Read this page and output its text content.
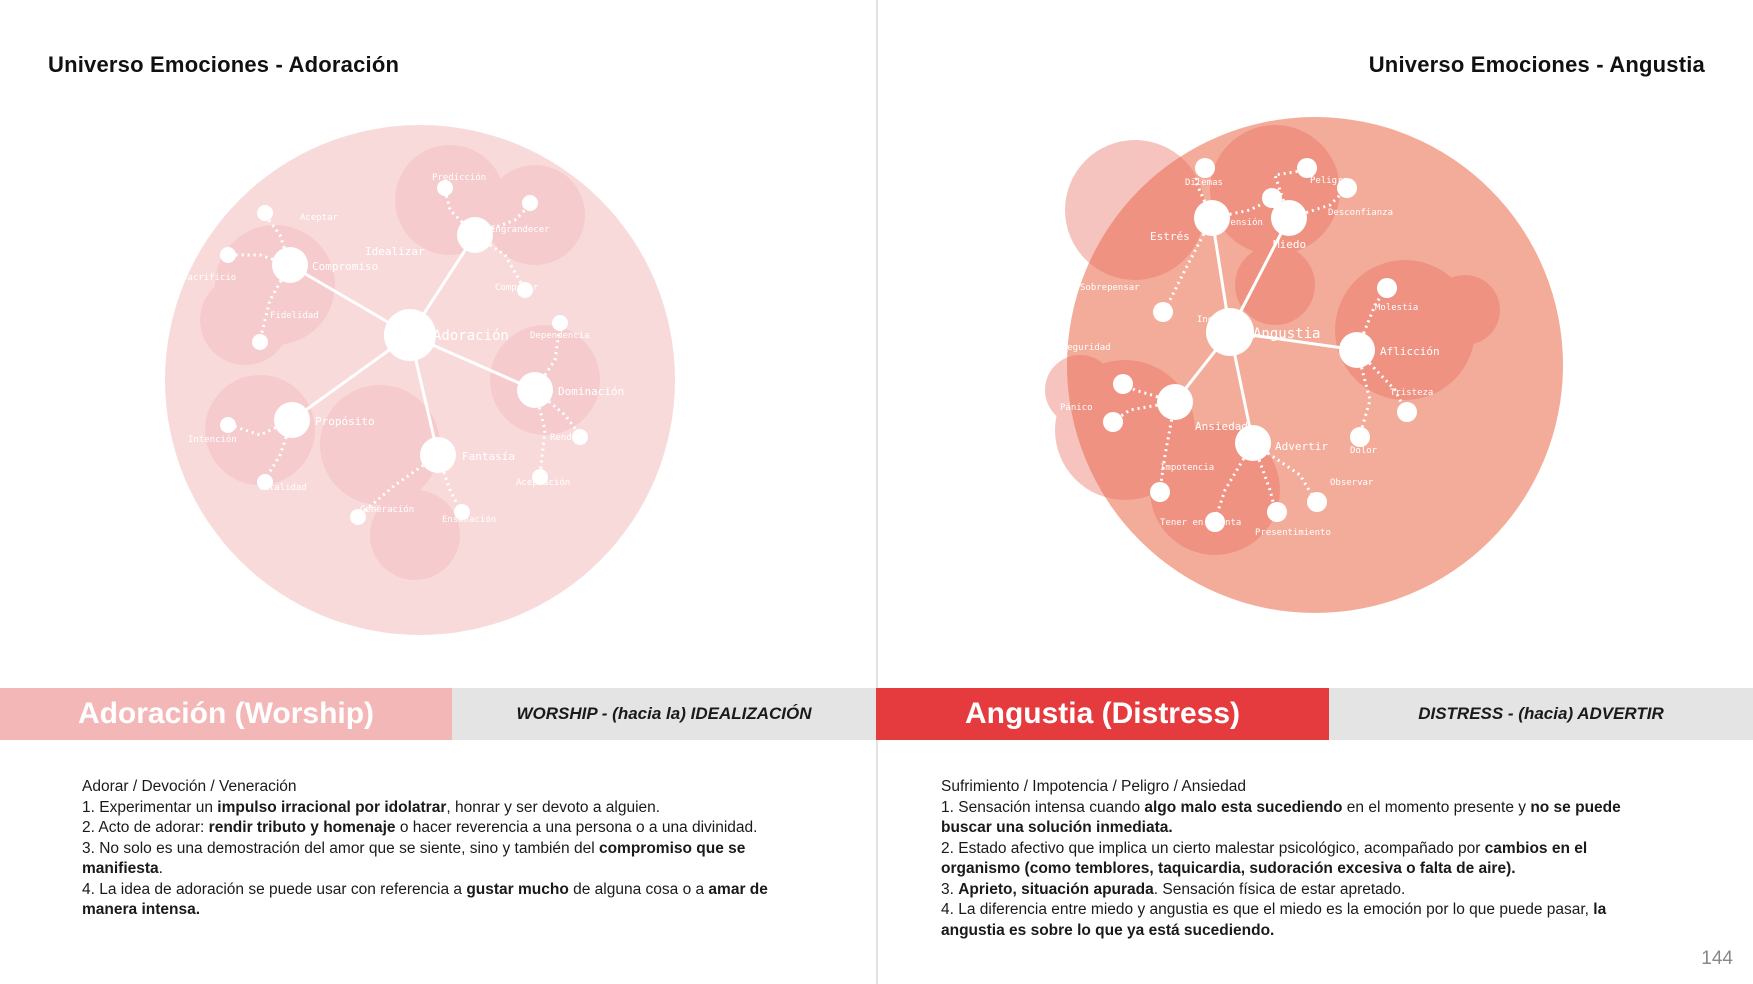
Universo Emociones - Adoración	Universo Emociones - Angustia
Adoración
Idealizar
Compromiso
Propósito
Fantasía
Dominación
Aceptar
Sacrificio
Fidelidad
Vitalidad
Intención
Predicción
Engrandecer
Comparar
Dependencia
Rendir
Aceptación
Generación
Ensoñación
Angustia
Estrés
Miedo
Aflicción
Advertir
Ansiedad
Dilemas
Tensión
Peligro
Desconfianza
Sobrepensar
Inquietud
Molestia
Tristeza
Dolor
Inseguridad
Pánico
Impotencia
Observar
Presentimiento
Tener en cuenta
Adoración (Worship)	WORSHIP - (hacia la) IDEALIZACIÓN	Angustia (Distress)	DISTRESS - (hacia) ADVERTIR

Adorar / Devoción / Veneración

1. Experimentar un impulso irracional por idolatrar, honrar y ser devoto a alguien.

2. Acto de adorar: rendir tributo y homenaje o hacer reverencia a una persona o a una divinidad.

3. No solo es una demostración del amor que se siente, sino y también del compromiso que se manifiesta.

4. La idea de adoración se puede usar con referencia a gustar mucho de alguna cosa o a amar de manera intensa.

Sufrimiento / Impotencia / Peligro / Ansiedad

1. Sensación intensa cuando algo malo esta sucediendo en el momento presente y no se puede buscar una solución inmediata.

2. Estado afectivo que implica un cierto malestar psicológico, acompañado por cambios en el organismo (como temblores, taquicardia, sudoración excesiva o falta de aire).

3. Aprieto, situación apurada. Sensación física de estar apretado.

4. La diferencia entre miedo y angustia es que el miedo es la emoción por lo que puede pasar, la angustia es sobre lo que ya está sucediendo.

144
